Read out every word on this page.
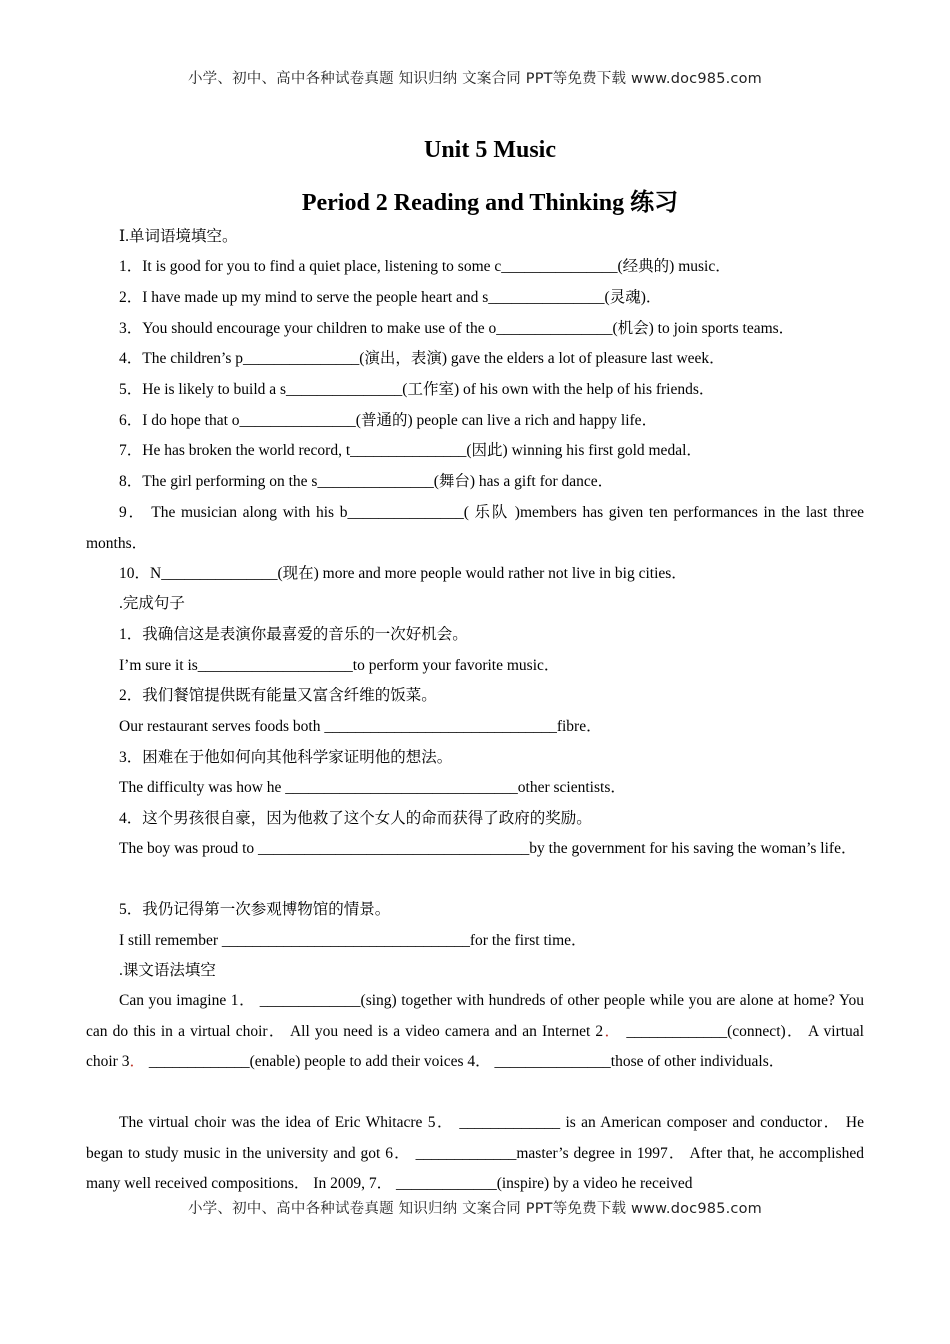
小学、初中、高中各种试卷真题 知识归纳 文案合同 PPT等免费下载 www.doc985.com
Unit 5 Music
Period 2 Reading and Thinking 练习
Ⅰ.单词语境填空。
1．It is good for you to find a quiet place, listening to some c_______________(经典的) music．
2．I have made up my mind to serve the people heart and s_______________(灵魂)．
3．You should encourage your children to make use of the o_______________(机会) to join sports teams．
4．The children’s p_______________(演出，表演) gave the elders a lot of pleasure last week．
5．He is likely to build a s_______________(工作室) of his own with the help of his friends．
6．I do hope that o_______________(普通的) people can live a rich and happy life．
7．He has broken the world record, t_______________(因此) winning his first gold medal．
8．The girl performing on the s_______________(舞台) has a gift for dance．
9． The musician along with his b_______________( 乐队 )members has given ten performances in the last three months．
10．N_______________(现在) more and more people would rather not live in big cities．
.完成句子
1．我确信这是表演你最喜爱的音乐的一次好机会。
I’m sure it is____________________to perform your favorite music．
2．我们餐馆提供既有能量又富含纤维的饭菜。
Our restaurant serves foods both ______________________________fibre．
3．困难在于他如何向其他科学家证明他的想法。
The difficulty was how he ______________________________other scientists．
4．这个男孩很自豪，因为他救了这个女人的命而获得了政府的奖励。
The boy was proud to ___________________________________by the government for his saving the woman’s life．
5．我仍记得第一次参观博物馆的情景。
I still remember ________________________________for the first time．
.课文语法填空
Can you imagine 1． _____________(sing) together with hundreds of other people while you are alone at home? You can do this in a virtual choir． All you need is a video camera and an Internet 2． _____________(connect)． A virtual choir 3． _____________(enable) people to add their voices 4． _______________those of other individuals．
The virtual choir was the idea of Eric Whitacre 5． _____________ is an American composer and conductor． He began to study music in the university and got 6． _____________master’s degree in 1997． After that, he accomplished many well received compositions． In 2009, 7． _____________(inspire) by a video he received
小学、初中、高中各种试卷真题 知识归纳 文案合同 PPT等免费下载 www.doc985.com
